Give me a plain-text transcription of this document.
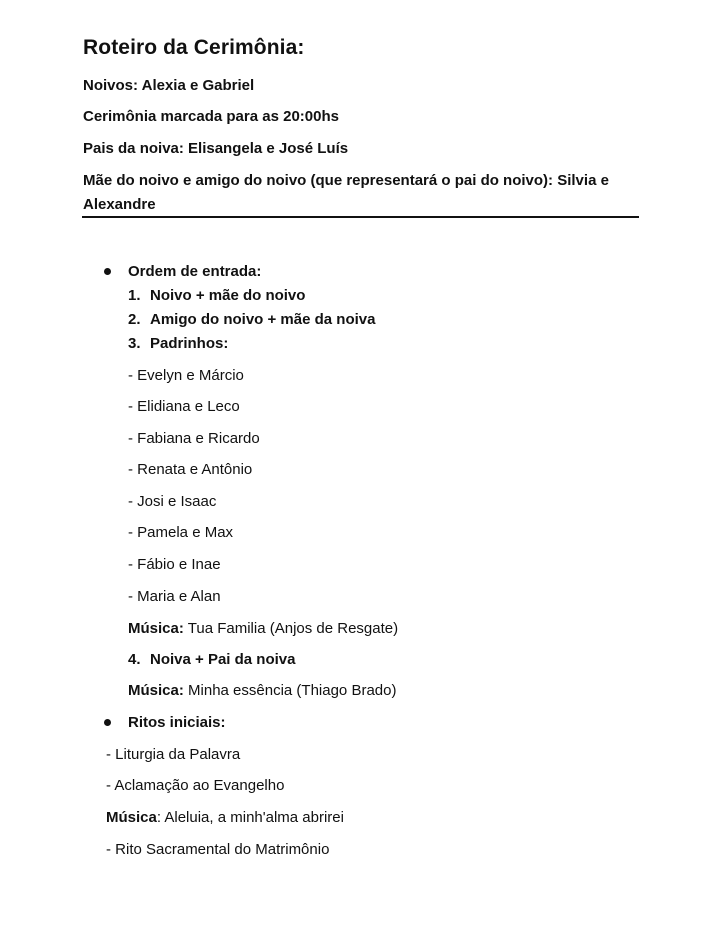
Roteiro da Cerimônia:
Noivos: Alexia e Gabriel
Cerimônia marcada para as 20:00hs
Pais da noiva: Elisangela e José Luís
Mãe do noivo e amigo do noivo (que representará o pai do noivo): Silvia e Alexandre
Ordem de entrada:
1. Noivo + mãe do noivo
2. Amigo do noivo + mãe da noiva
3. Padrinhos:
- Evelyn e Márcio
- Elidiana e Leco
- Fabiana e Ricardo
- Renata e Antônio
- Josi e Isaac
- Pamela e Max
- Fábio e Inae
- Maria e Alan
Música: Tua Familia (Anjos de Resgate)
4. Noiva + Pai da noiva
Música: Minha essência (Thiago Brado)
Ritos iniciais:
- Liturgia da Palavra
- Aclamação ao Evangelho
Música: Aleluia, a minh'alma abrirei
- Rito Sacramental do Matrimônio
